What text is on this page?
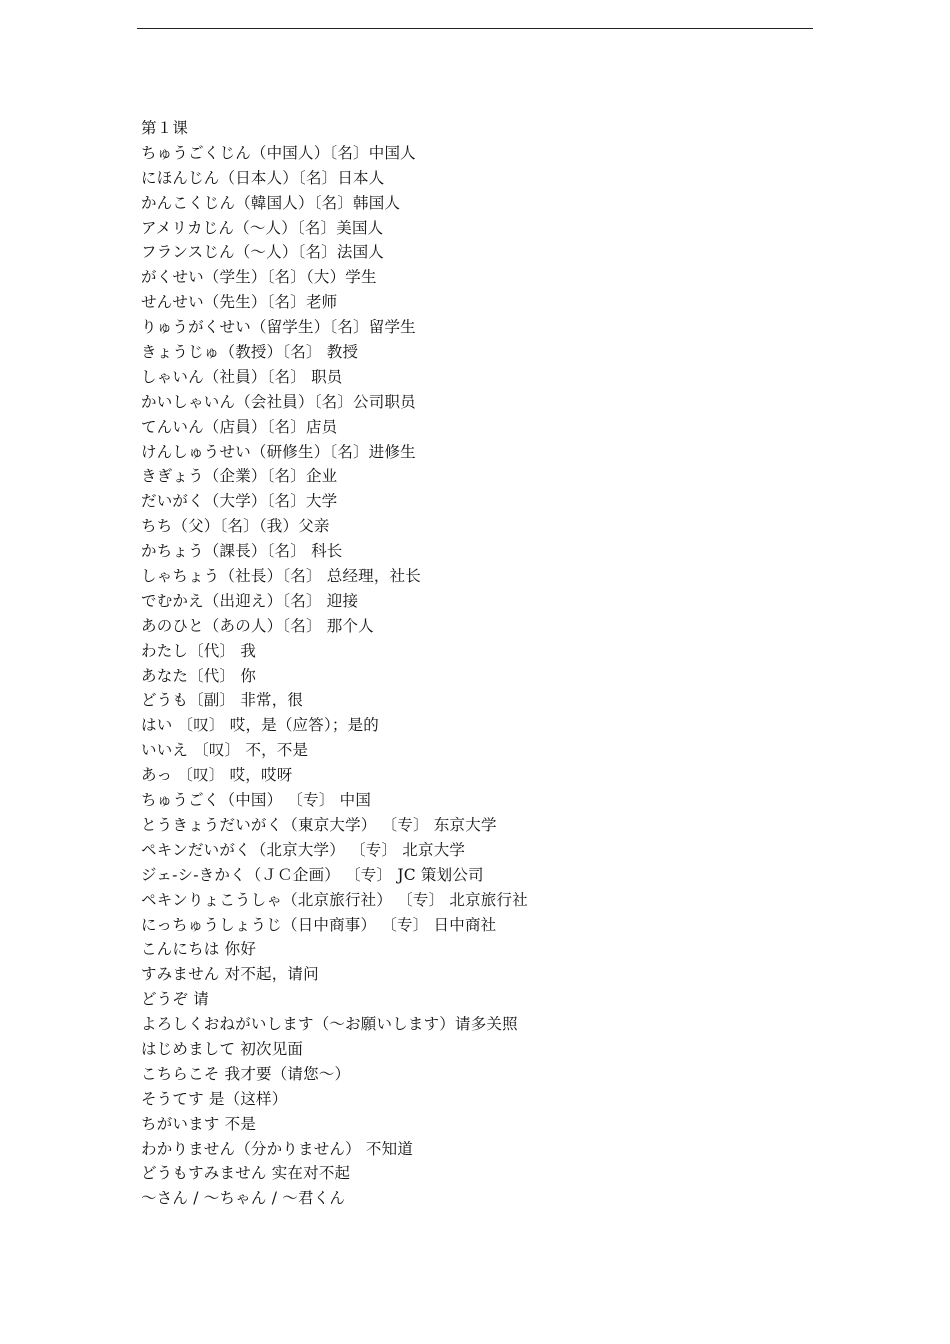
第１课
ちゅうごくじん（中国人）〔名〕中国人
にほんじん（日本人）〔名〕日本人
かんこくじん（韓国人）〔名〕韩国人
アメリカじん（～人）〔名〕美国人
フランスじん（～人）〔名〕法国人
がくせい（学生）〔名〕（大）学生
せんせい（先生）〔名〕老师
りゅうがくせい（留学生）〔名〕留学生
きょうじゅ（教授）〔名〕 教授
しゃいん（社員）〔名〕 职员
かいしゃいん（会社員）〔名〕公司职员
てんいん（店員）〔名〕店员
けんしゅうせい（研修生）〔名〕进修生
きぎょう（企業）〔名〕企业
だいがく（大学）〔名〕大学
ちち（父）〔名〕（我）父亲
かちょう（課長）〔名〕 科长
しゃちょう（社長）〔名〕 总经理，社长
でむかえ（出迎え）〔名〕 迎接
あのひと（あの人）〔名〕 那个人
わたし〔代〕 我
あなた〔代〕 你
どうも〔副〕 非常，很
はい 〔叹〕 哎，是（应答）；是的
いいえ 〔叹〕 不，不是
あっ 〔叹〕 哎，哎呀
ちゅうごく（中国） 〔专〕 中国
とうきょうだいがく（東京大学） 〔专〕 东京大学
ペキンだいがく（北京大学） 〔专〕 北京大学
ジェ-シ-きかく（ＪＣ企画） 〔专〕 JC 策划公司
ペキンりょこうしゃ（北京旅行社） 〔专〕 北京旅行社
にっちゅうしょうじ（日中商事） 〔专〕 日中商社
こんにちは 你好
すみません 对不起，请问
どうぞ 请
よろしくおねがいします（～お願いします）请多关照
はじめまして 初次见面
こちらこそ 我才要（请您～）
そうてす 是（这样）
ちがいます 不是
わかりません（分かりません） 不知道
どうもすみません 实在对不起
～さん / ～ちゃん / ～君くん
